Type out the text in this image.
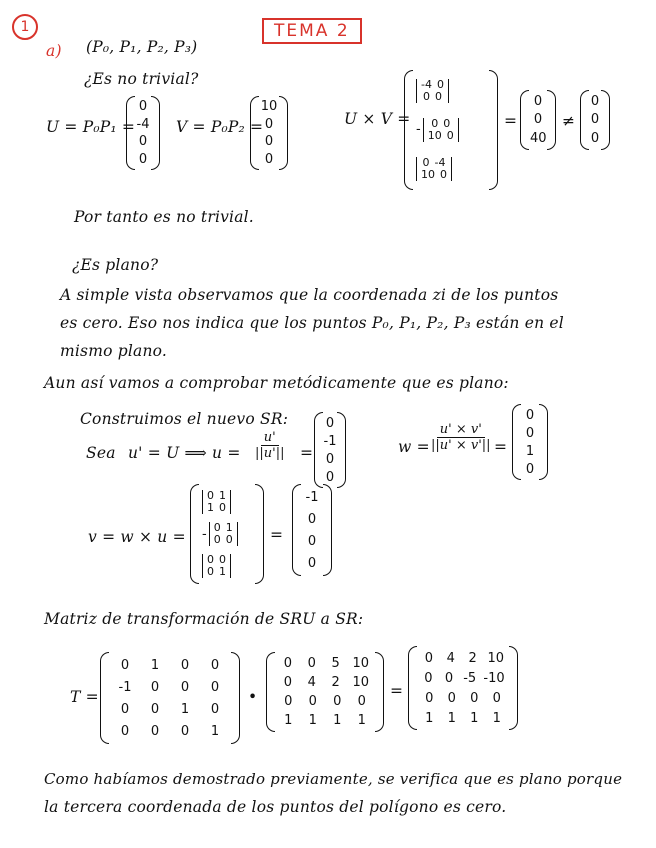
1	TEMA 2
a) (P₀, P₁, P₂, P₃)
¿Es no trivial?
U = P₀P₁ =
0
-4
0
0
V = P₀P₂ =
10
0
0
0
U × V =
-4 0
0 0
- 0 0
10 0
0 -4
10 0
=
0
0
40
≠
0
0
0
Por tanto es no trivial.
¿Es plano?
A simple vista observamos que la coordenada zi de los puntos
es cero. Eso nos indica que los puntos P₀, P₁, P₂, P₃ están en el
mismo plano.
Aun así vamos a comprobar metódicamente que es plano:
Construimos el nuevo SR:
Sea u' = U ⟹ $u = \frac{u'}{||u'||}$ =
0
-1
0
0
w =
$\frac{u' \times v'}{||u' \times v'||}$ =
0
0
1
0
v = w × u =
0 1
1 0
- 0 1
0 0
0 0
0 1
=
-1
0
0
0
Matriz de transformación de SRU a SR:
T =
0 1 0 0
-1 0 0 0
0 0 1 0
0 0 0 1
•
0 0 5 10
0 4 2 10
0 0 0 0
1 1 1 1
=
0 4 2 10
0 0 -5 -10
0 0 0 0
1 1 1 1
Como habíamos demostrado previamente, se verifica que es plano porque
la tercera coordenada de los puntos del polígono es cero.
